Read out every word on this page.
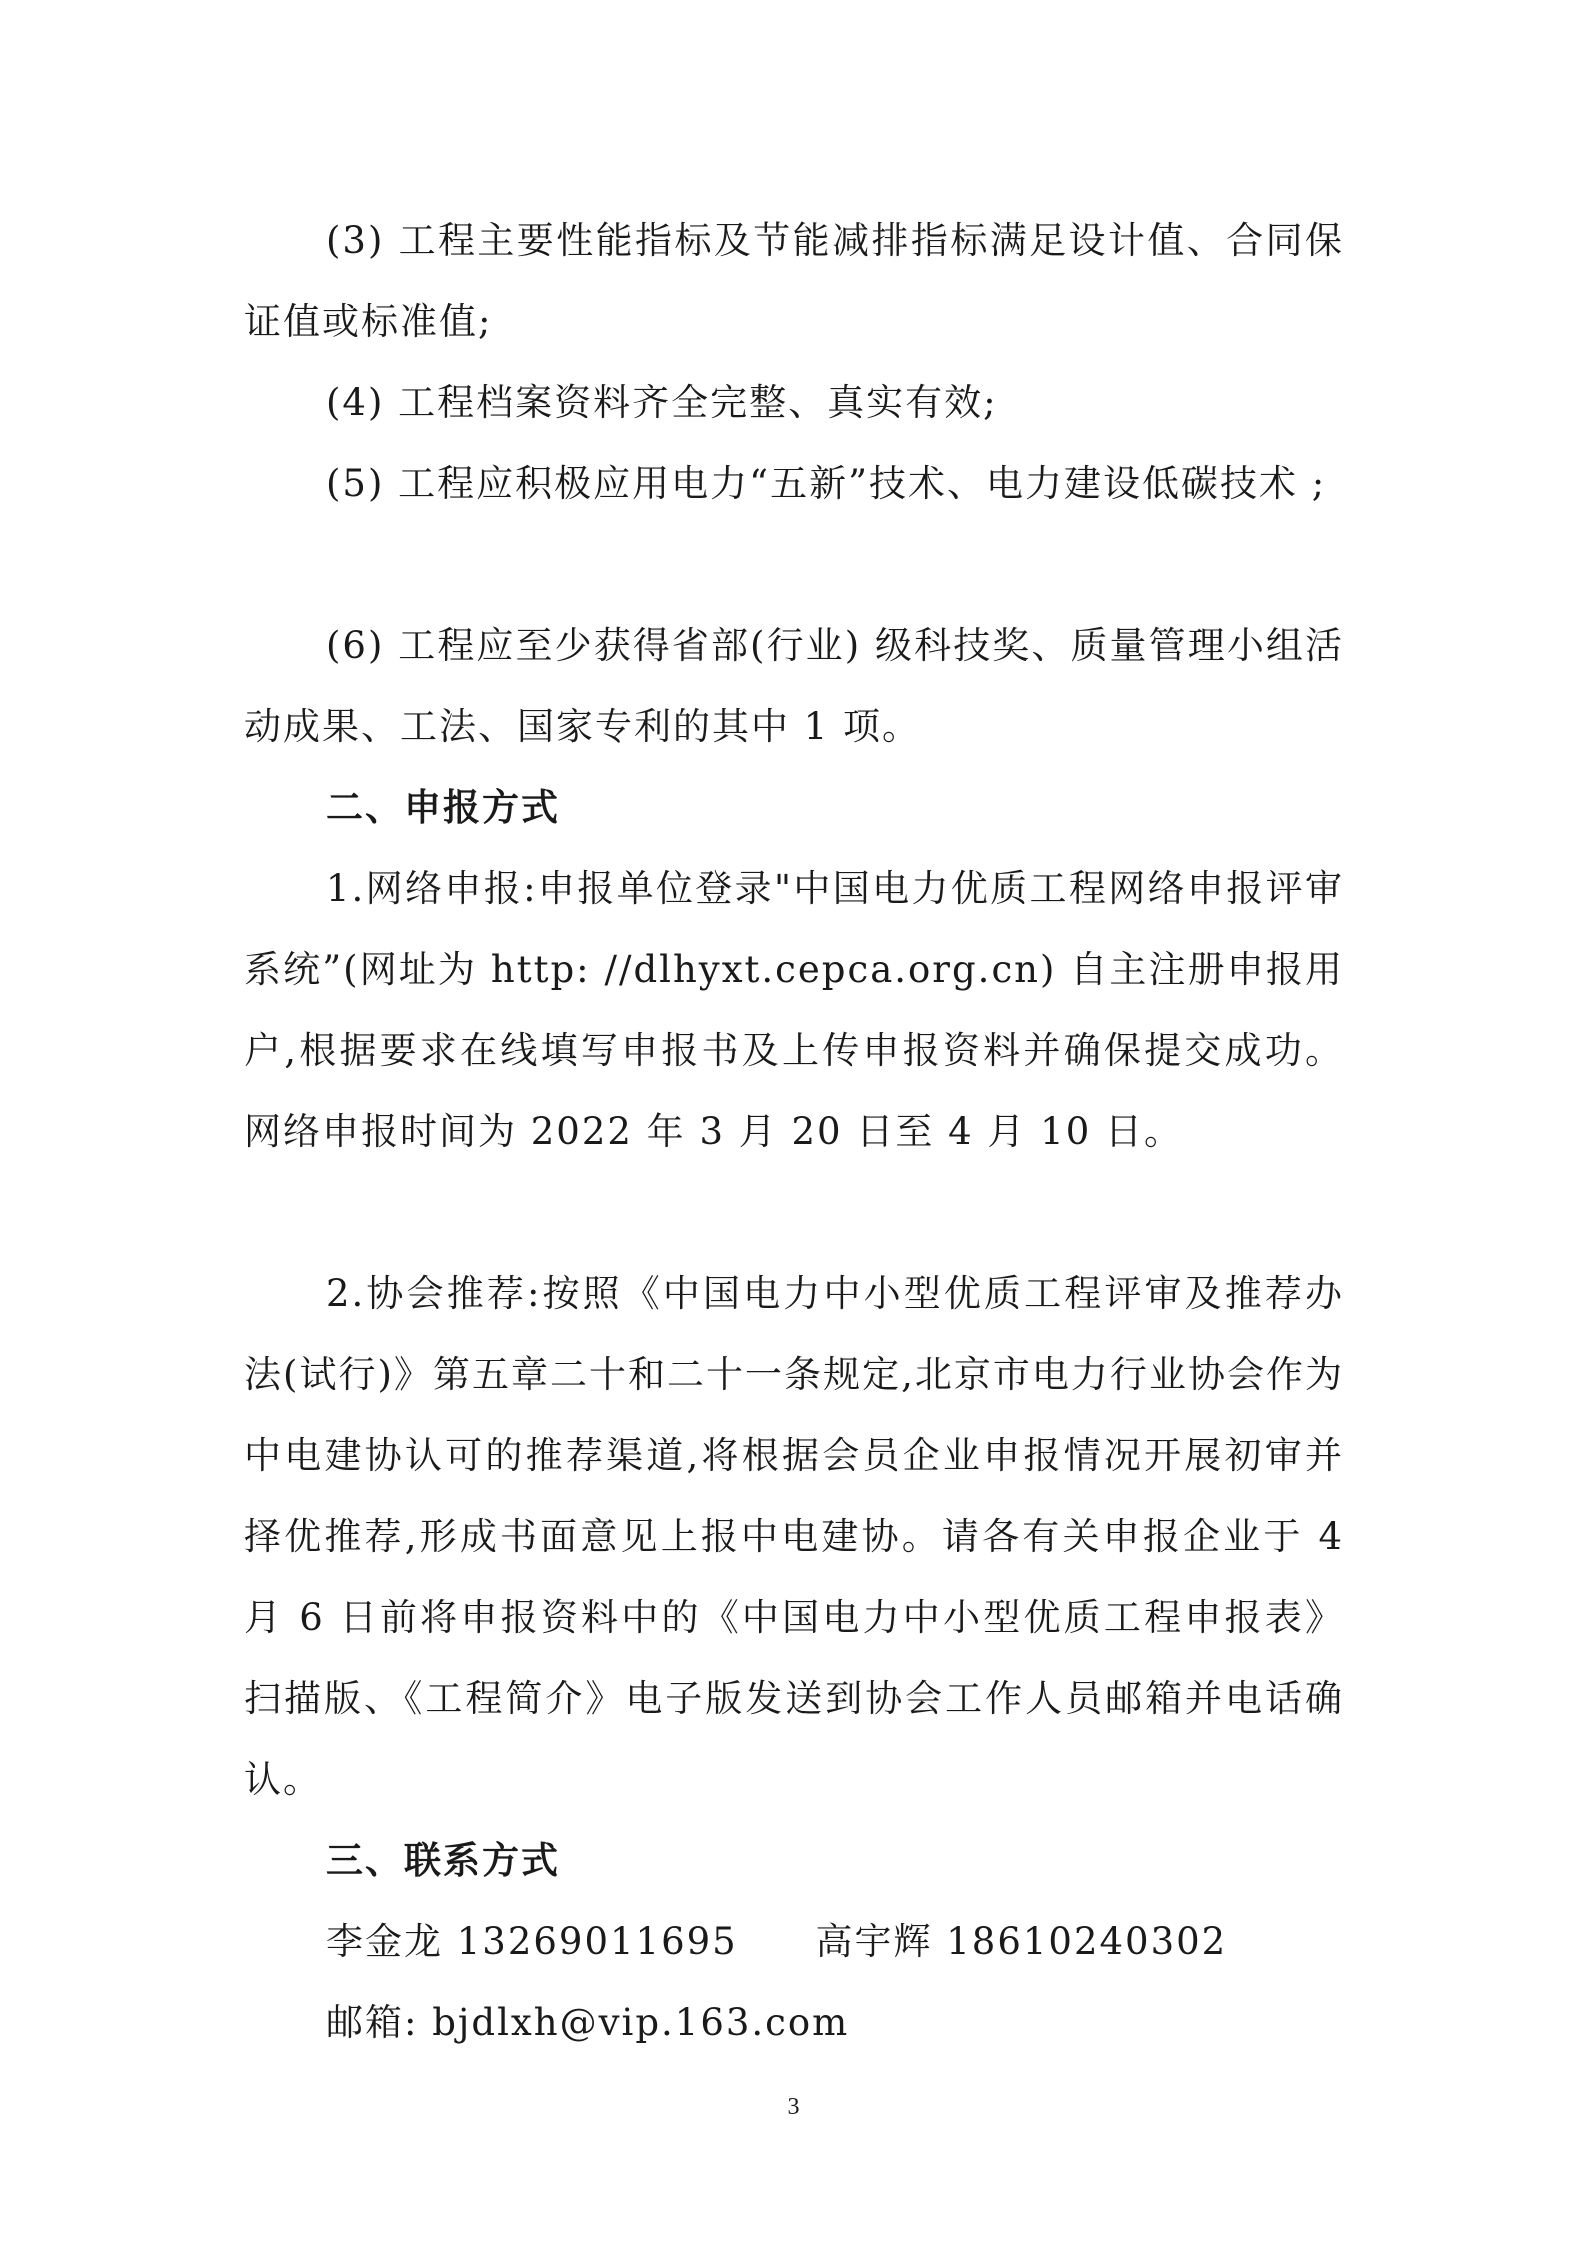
(3) 工程主要性能指标及节能减排指标满足设计值、合同保证值或标准值;

(4) 工程档案资料齐全完整、真实有效;

(5) 工程应积极应用电力“五新”技术、电力建设低碳技术 ;

(6) 工程应至少获得省部(行业) 级科技奖、质量管理小组活动成果、工法、国家专利的其中 1 项。

二、申报方式

1.网络申报:申报单位登录"中国电力优质工程网络申报评审系统”(网址为 http: //dlhyxt.cepca.org.cn) 自主注册申报用户,根据要求在线填写申报书及上传申报资料并确保提交成功。网络申报时间为 2022 年 3 月 20 日至 4 月 10 日。

2.协会推荐:按照《中国电力中小型优质工程评审及推荐办法(试行)》第五章二十和二十一条规定,北京市电力行业协会作为中电建协认可的推荐渠道,将根据会员企业申报情况开展初审并择优推荐,形成书面意见上报中电建协。请各有关申报企业于 4 月 6 日前将申报资料中的《中国电力中小型优质工程申报表》扫描版、《工程简介》电子版发送到协会工作人员邮箱并电话确认。

三、联系方式
李金龙 13269011695 高宇辉 18610240302
邮箱: bjdlxh@vip.163.com
3
